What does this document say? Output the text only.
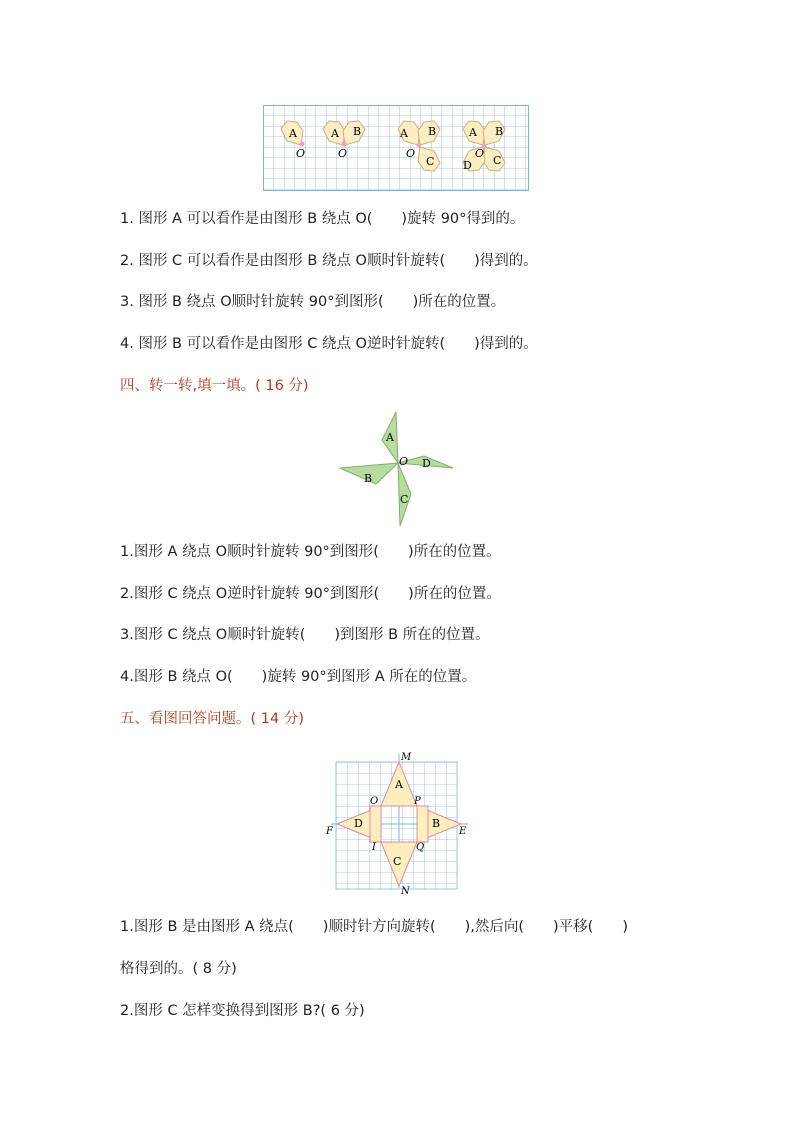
A
O
A B
O
A B
O
C
A B
D
O
C
1. 图形 A 可以看作是由图形 B 绕点 O(　　)旋转 90°得到的。
2. 图形 C 可以看作是由图形 B 绕点 O顺时针旋转(　　)得到的。
3. 图形 B 绕点 O顺时针旋转 90°到图形(　　)所在的位置。
4. 图形 B 可以看作是由图形 C 绕点 O逆时针旋转(　　)得到的。
四、转一转,填一填。( 16 分)
A
D
C
B
O
1.图形 A 绕点 O顺时针旋转 90°到图形(　　)所在的位置。
2.图形 C 绕点 O逆时针旋转 90°到图形(　　)所在的位置。
3.图形 C 绕点 O顺时针旋转(　　)到图形 B 所在的位置。
4.图形 B 绕点 O(　　)旋转 90°到图形 A 所在的位置。
五、看图回答问题。( 14 分)
M
A
O	P
F
D	B
E
I	Q
C
N
1.图形 B 是由图形 A 绕点(　　)顺时针方向旋转(　　),然后向(　　)平移(　　)
格得到的。( 8 分)
2.图形 C 怎样变换得到图形 B?( 6 分)
